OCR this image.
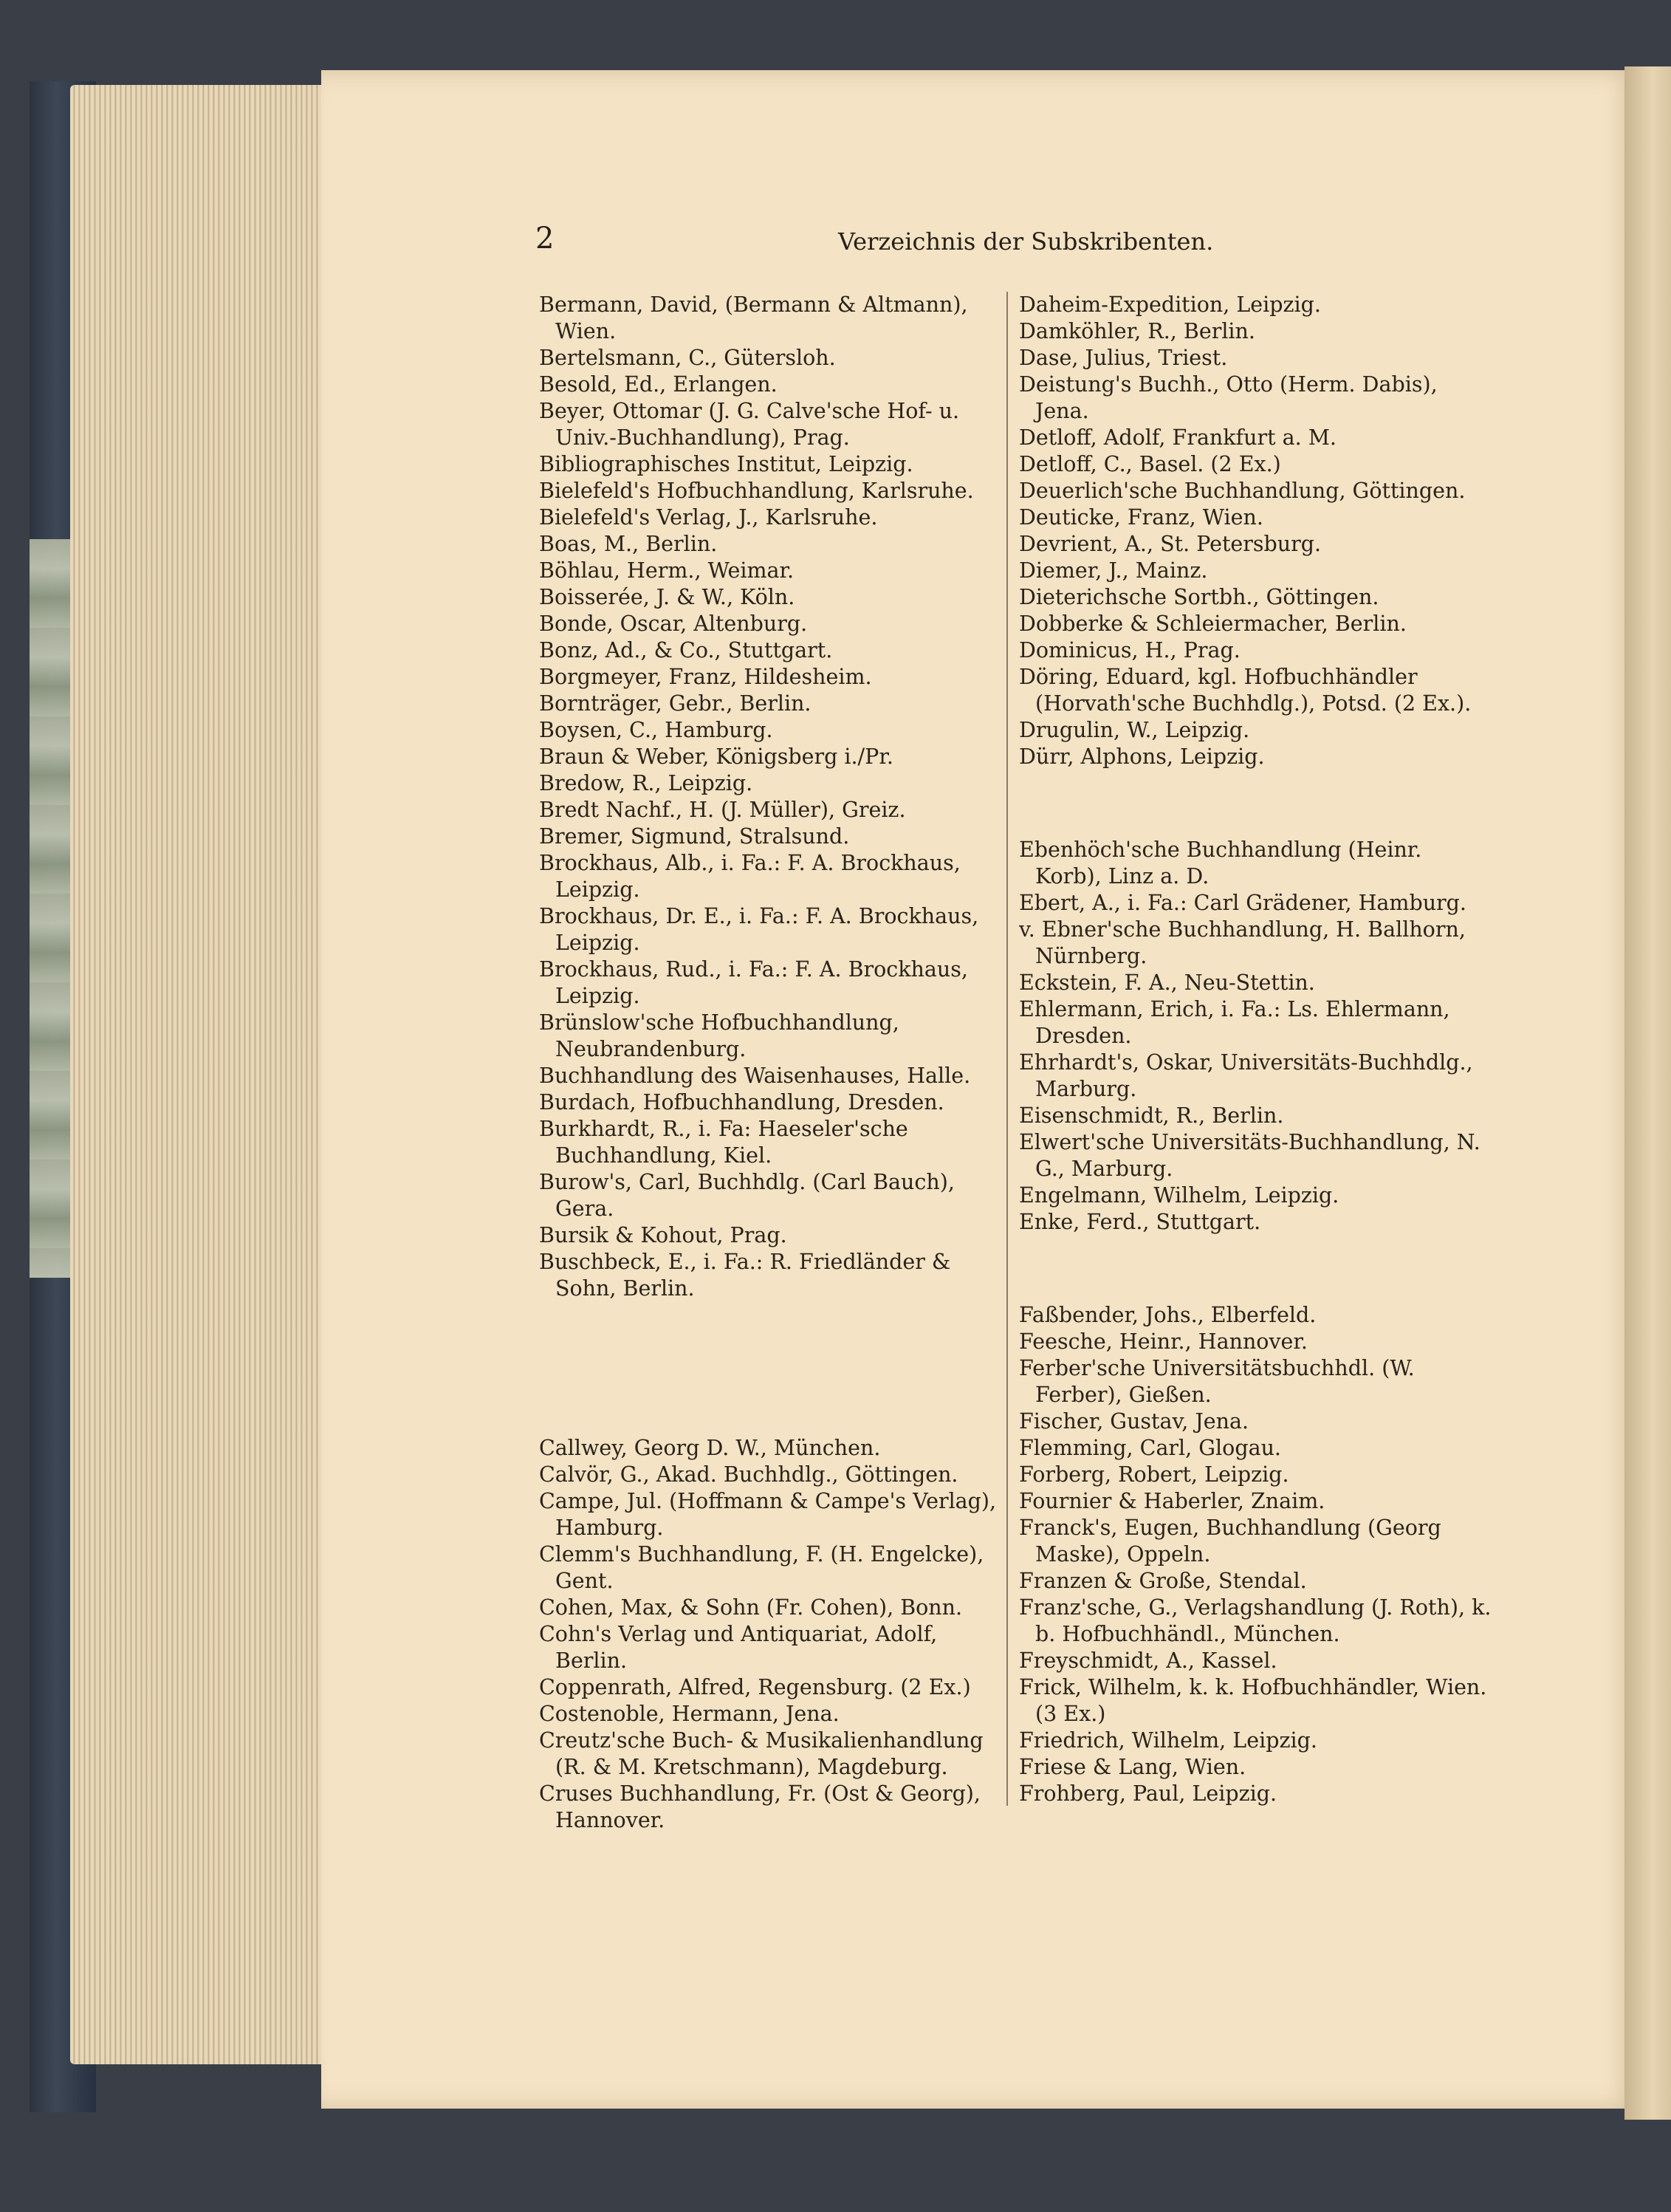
2	Verzeichnis der Subskribenten.

Bermann, David, (Bermann & Altmann), Wien.

Bertelsmann, C., Gütersloh.

Besold, Ed., Erlangen.

Beyer, Ottomar (J. G. Calve'sche Hof- u. Univ.-Buchhandlung), Prag.

Bibliographisches Institut, Leipzig.

Bielefeld's Hofbuchhandlung, Karlsruhe.

Bielefeld's Verlag, J., Karlsruhe.

Boas, M., Berlin.

Böhlau, Herm., Weimar.

Boisserée, J. & W., Köln.

Bonde, Oscar, Altenburg.

Bonz, Ad., & Co., Stuttgart.

Borgmeyer, Franz, Hildesheim.

Bornträger, Gebr., Berlin.

Boysen, C., Hamburg.

Braun & Weber, Königsberg i./Pr.

Bredow, R., Leipzig.

Bredt Nachf., H. (J. Müller), Greiz.

Bremer, Sigmund, Stralsund.

Brockhaus, Alb., i. Fa.: F. A. Brockhaus, Leipzig.

Brockhaus, Dr. E., i. Fa.: F. A. Brockhaus, Leipzig.

Brockhaus, Rud., i. Fa.: F. A. Brockhaus, Leipzig.

Brünslow'sche Hofbuchhandlung, Neubrandenburg.

Buchhandlung des Waisenhauses, Halle.

Burdach, Hofbuchhandlung, Dresden.

Burkhardt, R., i. Fa: Haeseler'sche Buchhandlung, Kiel.

Burow's, Carl, Buchhdlg. (Carl Bauch), Gera.

Bursik & Kohout, Prag.

Buschbeck, E., i. Fa.: R. Friedländer & Sohn, Berlin.

Callwey, Georg D. W., München.

Calvör, G., Akad. Buchhdlg., Göttingen.

Campe, Jul. (Hoffmann & Campe's Verlag), Hamburg.

Clemm's Buchhandlung, F. (H. Engelcke), Gent.

Cohen, Max, & Sohn (Fr. Cohen), Bonn.

Cohn's Verlag und Antiquariat, Adolf, Berlin.

Coppenrath, Alfred, Regensburg. (2 Ex.)

Costenoble, Hermann, Jena.

Creutz'sche Buch- & Musikalienhandlung (R. & M. Kretschmann), Magdeburg.

Cruses Buchhandlung, Fr. (Ost & Georg), Hannover.

Daheim-Expedition, Leipzig.

Damköhler, R., Berlin.

Dase, Julius, Triest.

Deistung's Buchh., Otto (Herm. Dabis), Jena.

Detloff, Adolf, Frankfurt a. M.

Detloff, C., Basel. (2 Ex.)

Deuerlich'sche Buchhandlung, Göttingen.

Deuticke, Franz, Wien.

Devrient, A., St. Petersburg.

Diemer, J., Mainz.

Dieterichsche Sortbh., Göttingen.

Dobberke & Schleiermacher, Berlin.

Dominicus, H., Prag.

Döring, Eduard, kgl. Hofbuchhändler (Horvath'sche Buchhdlg.), Potsd. (2 Ex.).

Drugulin, W., Leipzig.

Dürr, Alphons, Leipzig.

Ebenhöch'sche Buchhandlung (Heinr. Korb), Linz a. D.

Ebert, A., i. Fa.: Carl Grädener, Hamburg.

v. Ebner'sche Buchhandlung, H. Ballhorn, Nürnberg.

Eckstein, F. A., Neu-Stettin.

Ehlermann, Erich, i. Fa.: Ls. Ehlermann, Dresden.

Ehrhardt's, Oskar, Universitäts-Buchhdlg., Marburg.

Eisenschmidt, R., Berlin.

Elwert'sche Universitäts-Buchhandlung, N. G., Marburg.

Engelmann, Wilhelm, Leipzig.

Enke, Ferd., Stuttgart.

Faßbender, Johs., Elberfeld.

Feesche, Heinr., Hannover.

Ferber'sche Universitätsbuchhdl. (W. Ferber), Gießen.

Fischer, Gustav, Jena.

Flemming, Carl, Glogau.

Forberg, Robert, Leipzig.

Fournier & Haberler, Znaim.

Franck's, Eugen, Buchhandlung (Georg Maske), Oppeln.

Franzen & Große, Stendal.

Franz'sche, G., Verlagshandlung (J. Roth), k. b. Hofbuchhändl., München.

Freyschmidt, A., Kassel.

Frick, Wilhelm, k. k. Hofbuchhändler, Wien. (3 Ex.)

Friedrich, Wilhelm, Leipzig.

Friese & Lang, Wien.

Frohberg, Paul, Leipzig.
